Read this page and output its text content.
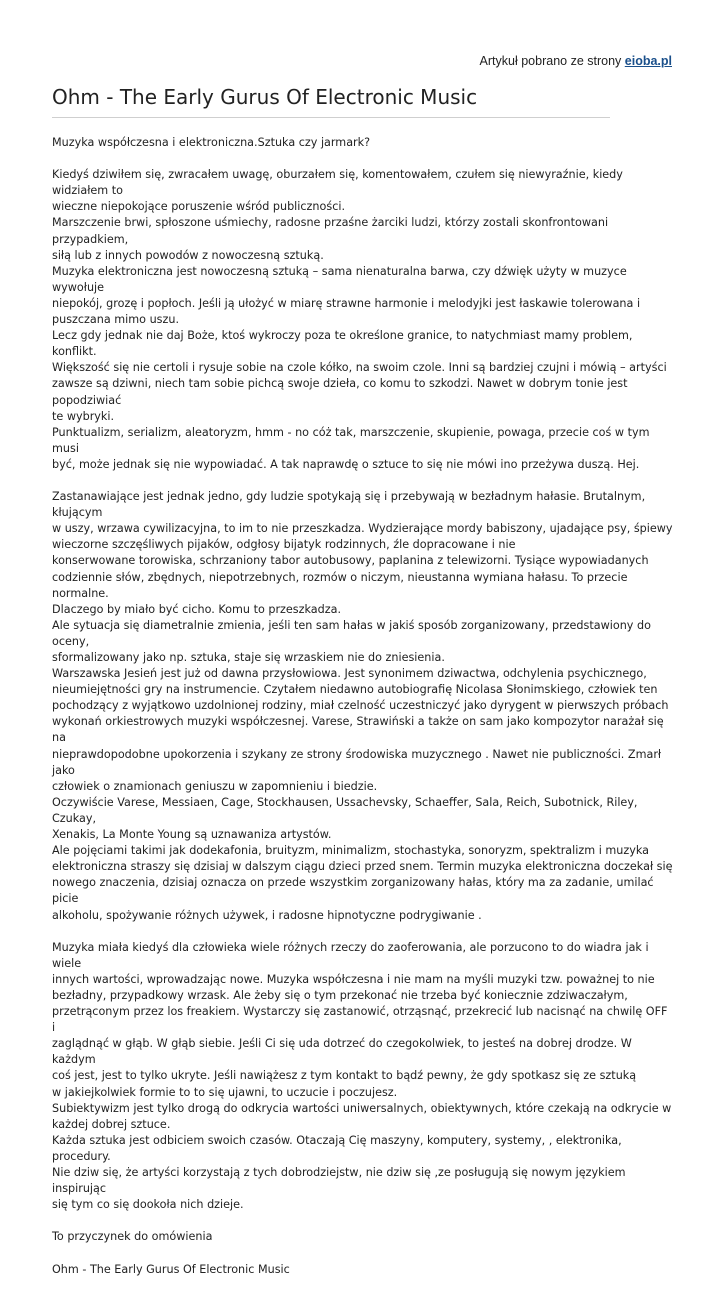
Artykuł pobrano ze strony eioba.pl
Ohm - The Early Gurus Of Electronic Music

Muzyka współczesna i elektroniczna.Sztuka czy jarmark?

Kiedyś dziwiłem się, zwracałem uwagę, oburzałem się, komentowałem, czułem się niewyraźnie, kiedy widziałem to
wieczne niepokojące poruszenie wśród publiczności.
Marszczenie brwi, spłoszone uśmiechy, radosne przaśne żarciki ludzi, którzy zostali skonfrontowani przypadkiem,
siłą lub z innych powodów z nowoczesną sztuką.
Muzyka elektroniczna jest nowoczesną sztuką – sama nienaturalna barwa, czy dźwięk użyty w muzyce wywołuje
niepokój, grozę i popłoch. Jeśli ją ułożyć w miarę strawne harmonie i melodyjki jest łaskawie tolerowana i
puszczana mimo uszu.
Lecz gdy jednak nie daj Boże, ktoś wykroczy poza te określone granice, to natychmiast mamy problem, konflikt.
Większość się nie certoli i rysuje sobie na czole kółko, na swoim czole. Inni są bardziej czujni i mówią – artyści
zawsze są dziwni, niech tam sobie pichcą swoje dzieła, co komu to szkodzi. Nawet w dobrym tonie jest popodziwiać
te wybryki.
Punktualizm, serializm, aleatoryzm, hmm - no cóż tak, marszczenie, skupienie, powaga, przecie coś w tym musi
być, może jednak się nie wypowiadać. A tak naprawdę o sztuce to się nie mówi ino przeżywa duszą. Hej.

Zastanawiające jest jednak jedno, gdy ludzie spotykają się i przebywają w bezładnym hałasie. Brutalnym, kłującym
w uszy, wrzawa cywilizacyjna, to im to nie przeszkadza. Wydzierające mordy babiszony, ujadające psy, śpiewy
wieczorne szczęśliwych pijaków, odgłosy bijatyk rodzinnych, źle dopracowane i nie
konserwowane torowiska, schrzaniony tabor autobusowy, paplanina z telewizorni. Tysiące wypowiadanych
codziennie słów, zbędnych, niepotrzebnych, rozmów o niczym, nieustanna wymiana hałasu. To przecie normalne.
Dlaczego by miało być cicho. Komu to przeszkadza.
Ale sytuacja się diametralnie zmienia, jeśli ten sam hałas w jakiś sposób zorganizowany, przedstawiony do oceny,
sformalizowany jako np. sztuka, staje się wrzaskiem nie do zniesienia.
Warszawska Jesień jest już od dawna przysłowiowa. Jest synonimem dziwactwa, odchylenia psychicznego,
nieumiejętności gry na instrumencie. Czytałem niedawno autobiografię Nicolasa Słonimskiego, człowiek ten
pochodzący z wyjątkowo uzdolnionej rodziny, miał czelność uczestniczyć jako dyrygent w pierwszych próbach
wykonań orkiestrowych muzyki współczesnej. Varese, Strawiński a także on sam jako kompozytor narażał się na
nieprawdopodobne upokorzenia i szykany ze strony środowiska muzycznego . Nawet nie publiczności. Zmarł jako
człowiek o znamionach geniuszu w zapomnieniu i biedzie.
Oczywiście Varese, Messiaen, Cage, Stockhausen, Ussachevsky, Schaeffer, Sala, Reich, Subotnick, Riley, Czukay,
Xenakis, La Monte Young są uznawaniza artystów.
Ale pojęciami takimi jak dodekafonia, bruityzm, minimalizm, stochastyka, sonoryzm, spektralizm i muzyka
elektroniczna straszy się dzisiaj w dalszym ciągu dzieci przed snem. Termin muzyka elektroniczna doczekał się
nowego znaczenia, dzisiaj oznacza on przede wszystkim zorganizowany hałas, który ma za zadanie, umilać picie
alkoholu, spożywanie różnych używek, i radosne hipnotyczne podrygiwanie .

Muzyka miała kiedyś dla człowieka wiele różnych rzeczy do zaoferowania, ale porzucono to do wiadra jak i wiele
innych wartości, wprowadzając nowe. Muzyka współczesna i nie mam na myśli muzyki tzw. poważnej to nie
bezładny, przypadkowy wrzask. Ale żeby się o tym przekonać nie trzeba być koniecznie zdziwaczałym,
przetrąconym przez los freakiem. Wystarczy się zastanowić, otrząsnąć, przekrecić lub nacisnąć na chwilę OFF i
zaglądnąć w głąb. W głąb siebie. Jeśli Ci się uda dotrzeć do czegokolwiek, to jesteś na dobrej drodze. W każdym
coś jest, jest to tylko ukryte. Jeśli nawiążesz z tym kontakt to bądź pewny, że gdy spotkasz się ze sztuką
w jakiejkolwiek formie to to się ujawni, to uczucie i poczujesz.
Subiektywizm jest tylko drogą do odkrycia wartości uniwersalnych, obiektywnych, które czekają na odkrycie w
każdej dobrej sztuce.
Każda sztuka jest odbiciem swoich czasów. Otaczają Cię maszyny, komputery, systemy, , elektronika, procedury.
Nie dziw się, że artyści korzystają z tych dobrodziejstw, nie dziw się ,ze posługują się nowym językiem inspirując
się tym co się dookoła nich dzieje.

To przyczynek do omówienia

Ohm - The Early Gurus Of Electronic Music
